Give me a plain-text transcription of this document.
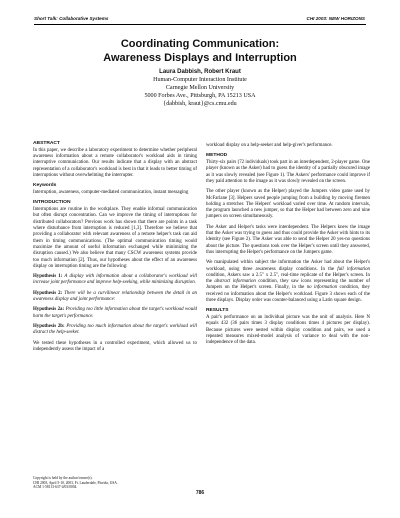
Short Talk: Collaborative Systems	CHI 2003: NEW HORIZONS
Coordinating Communication:
Awareness Displays and Interruption
Laura Dabbish, Robert Kraut
Human-Computer Interaction Institute
Carnegie Mellon University
5000 Forbes Ave., Pittsburgh, PA 15213 USA
{dabbish, kraut}@cs.cmu.edu
ABSTRACT

In this paper, we describe a laboratory experiment to determine whether peripheral awareness information about a remote collaborator's workload aids in timing interruptive communication. Our results indicate that a display with an abstract representation of a collaborator's workload is best in that it leads to better timing of interruptions without overwhelming the interrupter.

Keywords

Interruption, awareness, computer-mediated communication, instant messaging

INTRODUCTION

Interruptions are routine in the workplace. They enable informal communication but often disrupt concentration. Can we improve the timing of interruptions for distributed collaborators? Previous work has shown that there are points in a task where disturbance from interruption is reduced [1,3]. Therefore we believe that providing a collaborator with relevant awareness of a remote helper's task can aid them in timing communications. (The optimal communication timing would maximize the amount of useful information exchanged while minimizing the disruption caused.) We also believe that many CSCW awareness systems provide too much information [2]. Thus, our hypotheses about the effect of an awareness display on interruption timing are the following:

Hypothesis 1: A display with information about a collaborator's workload will increase joint performance and improve help-seeking, while minimizing disruption.
Hypothesis 2: There will be a curvilinear relationship between the detail in an awareness display and joint performance:
Hypothesis 2a: Providing too little information about the target's workload would harm the target's performance.
Hypothesis 2b: Providing too much information about the target's workload will distract the help-seeker.

We tested these hypotheses in a controlled experiment, which allowed us to independently assess the impact of a

workload display on a help-seeker and help-giver's performance.

METHOD

Thirty-six pairs (72 individuals) took part in an interdependent, 2-player game. One player (known as the Asker) had to guess the identity of a partially obscured image as it was slowly revealed (see Figure 1). The Askers' performance could improve if they paid attention to the image as it was slowly revealed on the screen.

The other player (known as the Helper) played the Jumpers video game used by McFarlane [3]. Helpers saved people jumping from a building by moving firemen holding a stretcher. The Helpers' workload varied over time. At random intervals, the program launched a new jumper, so that the Helper had between zero and nine jumpers on screen simultaneously.

The Asker and Helper's tasks were interdependent. The Helpers knew the image that the Asker was trying to guess and thus could provide the Asker with hints to its identity (see Figure 2). The Asker was able to send the Helper 20 yes-no questions about the picture. The questions took over the Helper's screen until they answered, thus interrupting the Helper's performance on the Jumpers game.

We manipulated within subject the information the Asker had about the Helper's workload, using three awareness display conditions. In the full information condition, Askers saw a 2.5" x 2.5", real-time replicate of the Helper's screen. In the abstract information condition, they saw icons representing the number of Jumpers on the Helper's screen. Finally, in the no information condition, they received no information about the Helper's workload. Figure 3 shows each of the three displays. Display order was counter-balanced using a Latin square design.

RESULTS

A pair's performance on an individual picture was the unit of analysis. Here N equals 432 (36 pairs times 3 display conditions times 4 pictures per display). Because pictures were nested within display condition and pairs, we used a repeated measures mixed-model analysis of variance to deal with the non-independence of the data.

Copyright is held by the author/owner(s).
CHI 2003, April 5-10, 2003, Ft. Lauderdale, Florida, USA.
ACM 1-58113-637-4/03/0004.
786
